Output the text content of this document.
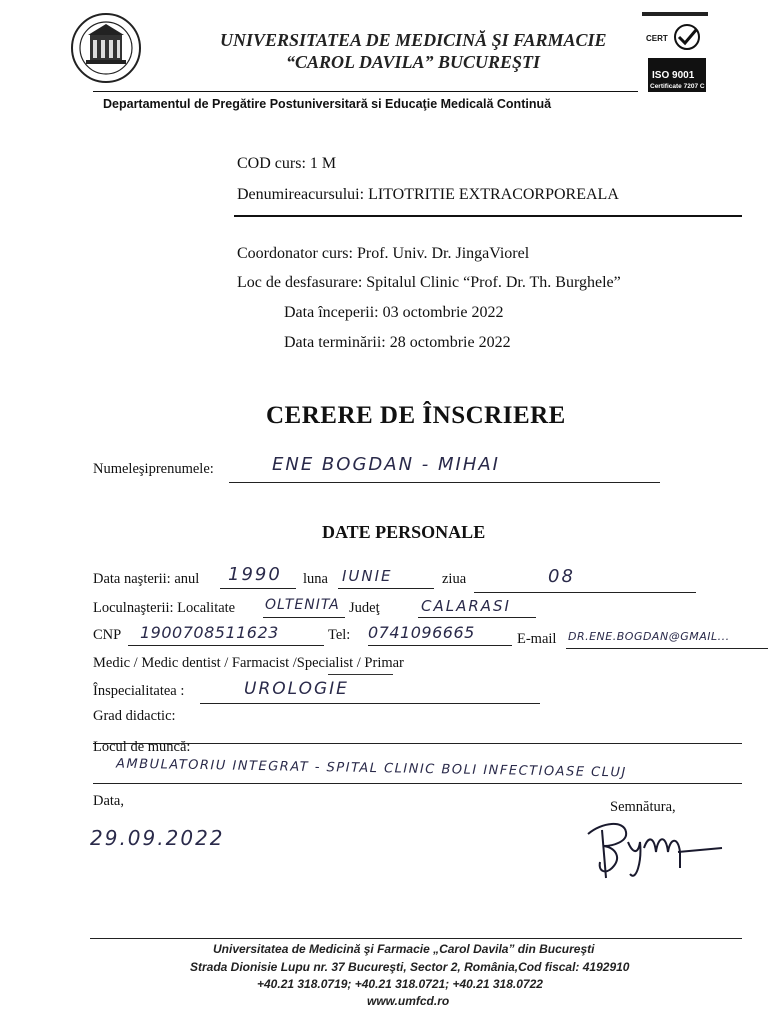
UNIVERSITATEA DE MEDICINĂ ŞI FARMACIE
“CAROL DAVILA” BUCUREŞTI
CERT
ISO 9001
Certificate 7207 C
Departamentul de Pregătire Postuniversitară si Educaţie Medicală Continuă
COD curs: 1 M
Denumireacursului: LITOTRITIE EXTRACORPOREALA
Coordonator curs: Prof. Univ. Dr. JingaViorel
Loc de desfasurare: Spitalul Clinic “Prof. Dr. Th. Burghele”
Data începerii: 03 octombrie 2022
Data terminării: 28 octombrie 2022
CERERE DE ÎNSCRIERE
Numeleşiprenumele:	ENE BOGDAN - MIHAI
DATE PERSONALE
Data naşterii: anul 1990 luna IUNIE	ziua	08
Loculnaşterii: Localitate OLTENITA Judeţ	CALARASI
CNP 1900708511623	Tel: 0741096665	E-mail DR.ENE.BOGDAN@GMAIL...
Medic / Medic dentist / Farmacist /Specialist / Primar
Înspecialitatea :	UROLOGIE
Grad didactic:
Locul de muncă:
AMBULATORIU INTEGRAT - SPITAL CLINIC BOLI INFECTIOASE CLUJ
Data,
29.09.2022
Semnătura,
Universitatea de Medicină şi Farmacie „Carol Davila” din Bucureşti
Strada Dionisie Lupu nr. 37 Bucureşti, Sector 2, România,Cod fiscal: 4192910
+40.21 318.0719; +40.21 318.0721; +40.21 318.0722
www.umfcd.ro
